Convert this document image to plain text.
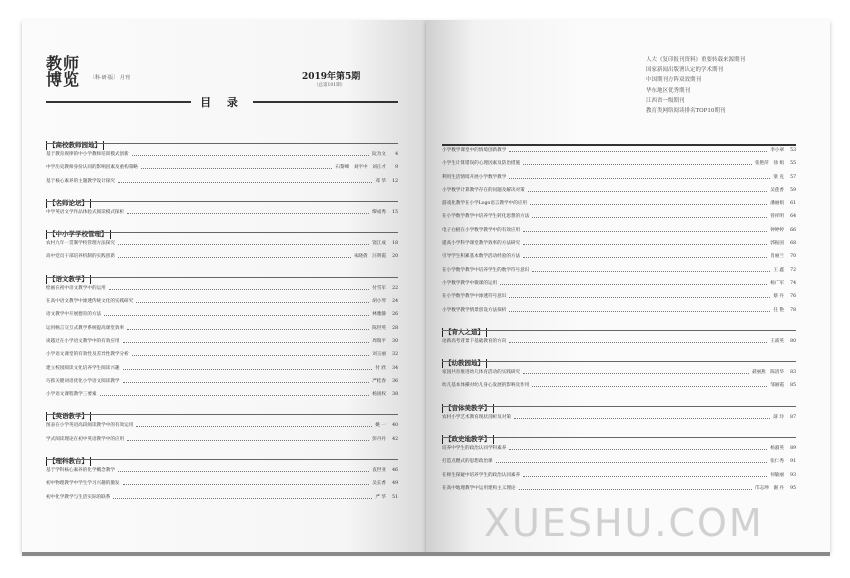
教师
博览 〔科·研·版〕 月刊	2019年第5期
（总第101期）
目 录
【高校教师园地】
基于教育规律的中小学教师培训模式创新	阮为文	4
中学历史教师身份认同的影响因素及重构策略	石黎峰　刘平中　刘正才	9
基于核心素养的主题教学设计探究	邓 华	12
【名师论坛】
中学英语文学作品体验式阅读模式探析	缪成秀	15
【中小学学校管理】
农村九年一贯制学校管理方法探究	饶江成	18
高中党员干部培养机制的实践创新	朱晓倩　汪明霞	20
【语文教学】
绘画在初中语文教学中的运用	付雪军	22
在高中语文教学中渗透传统文化的实践研究	胡小琴	24
语文教学中开展德育的方法	林雅静	26
运用畅言交互式教学系统提高课堂效率	陈世英	28
谈越过在小学语文教学中的有效应用	周瑞平	30
小学语文课堂的有效性及差异性教学分析	刘玉丽	32
建立校园阅读文化培养学生阅读兴趣	付 欣	34
巧抓关键词语优化小学语文阅读教学	严桂春	36
小学语文课程教学三要素	杨国权	38
【英语教学】
图表在小学英语高段阅读教学中的有效运用	姚 一	40
学式阅读理论在初中英语教学中的应用	彭丹丹	42
【理科教台】
基于学科核心素养的化学概念教学	袁世亚	46
初中物理教学中学生学习兴趣的激发	吴长香	49
初中化学教学与生活实际的联系	严 华	51
人大《复印报刊资料》重要转载来源期刊
国家新闻出版署认定的学术期刊
中国期刊方阵双效期刊
华东地区优秀期刊
江西省一级期刊
教育类网络阅读排名TOP10期刊
小学数学课堂中的情境创新教学	李小翠	53
小学生计算错误的心理因素及防治措施	张艳萍　徐 娟	55
利用生活情境开展小学数学教学	梁 克	57
小学数学计算教学存在的问题及解决对策	吴莲香	59
游戏化教学在小学Logo语言教学中的应用	潘丽娟	61
在小学数学教学中培养学生转化思想的方法	曾祥明	64
电子白板在小学数学教学中的有效应用	钟婷婷	66
提高小学科学课堂教学效率的方法研究	郭振国	68
引导学生积累基本数学活动经验的方法	肖丽兰	70
在小学数学教学中培养学生的数学符号意识	王 鑫	72
小学数学教学中微课的运用	杨广军	74
在小学数学教学中渗透符号意识	蔡 丹	76
小学数学教学情景创设方法探析	任 艳	78
【育人之道】
论新高考背景下基础教育的方向	王战英	80
【幼教园地】
家园共育推进幼儿体育活动的实践研究	聂丽燕　陈清华	83
幼儿基本体操对幼儿身心发展的影响及作用	邹丽霞	85
【音体美教学】
农村小学艺术教育现状剖析及对策	薛 玲	87
【政史地教学】
培养中学生的政治认同学科素养	杨淑英	89
打造点燃式的思想政治课	张仁秀	91
在师生探疑中培养学生的政治认同素养	何敏丽	93
在高中地理教学中运用建构主义理论	邝志坤　谢 丹	95
XUESHU.COM
